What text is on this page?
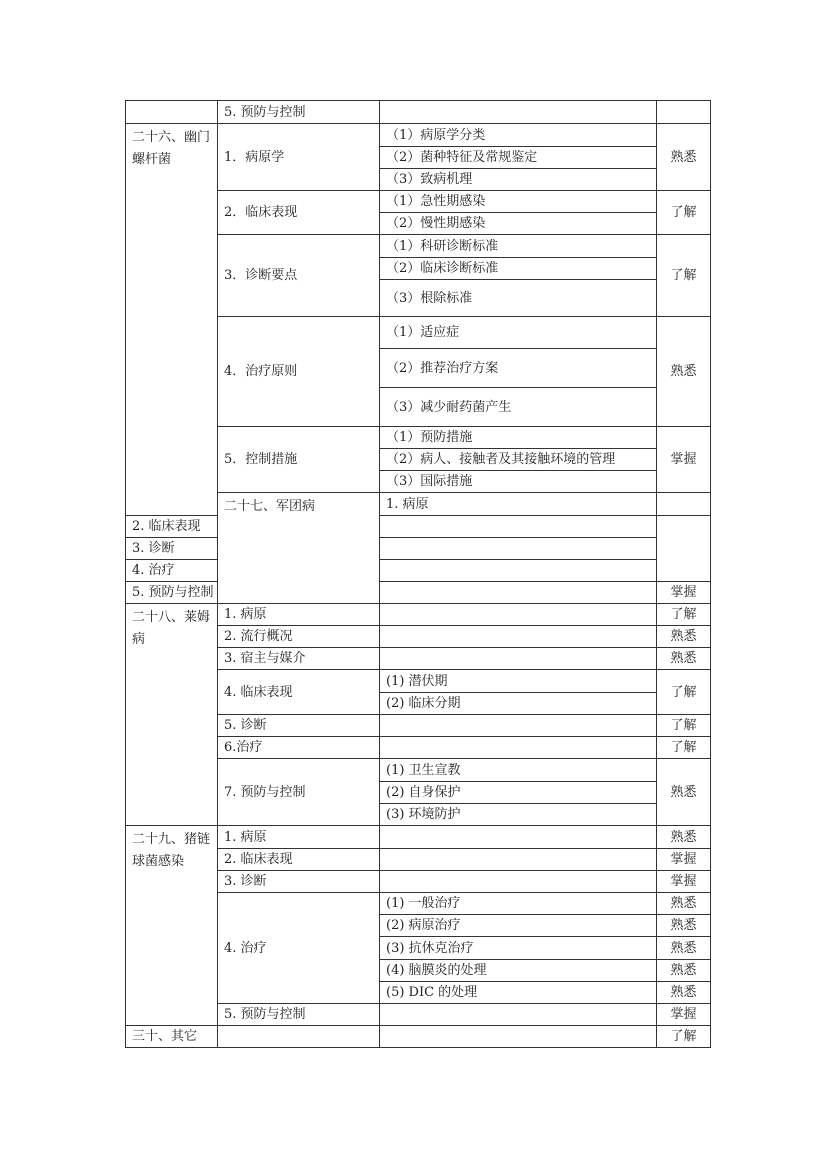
	5. 预防与控制			
二十六、幽门螺杆菌	1．病原学	（1）病原学分类	熟悉	
		（2）菌种特征及常规鉴定		
		（3）致病机理		
	2．临床表现	（1）急性期感染	了解	
		（2）慢性期感染		
	3．诊断要点	（1）科研诊断标准	了解	
		（2）临床诊断标准		
		（3）根除标准		
	4．治疗原则	（1）适应症	熟悉	
		（2）推荐治疗方案		
		（3）减少耐药菌产生		
	5．控制措施	（1）预防措施	掌握	
		（2）病人、接触者及其接触环境的管理		
		（3）国际措施		
	二十七、军团病	1. 病原		
2. 临床表现				
3. 诊断				
4. 治疗				
5. 预防与控制			掌握	
二十八、莱姆病	1. 病原		了解	
	2. 流行概况		熟悉	
	3. 宿主与媒介		熟悉	
	4. 临床表现	(1) 潜伏期	了解	
		(2) 临床分期		
	5. 诊断		了解	
	6.治疗		了解	
	7. 预防与控制	(1) 卫生宣教	熟悉	
		(2) 自身保护		
		(3) 环境防护		
二十九、猪链球菌感染	1. 病原		熟悉	
	2. 临床表现		掌握	
	3. 诊断		掌握	
	4. 治疗	(1) 一般治疗	熟悉	
		(2) 病原治疗	熟悉	
		(3) 抗休克治疗	熟悉	
		(4) 脑膜炎的处理	熟悉	
		(5) DIC 的处理	熟悉	
	5. 预防与控制		掌握	
三十、其它			了解	
